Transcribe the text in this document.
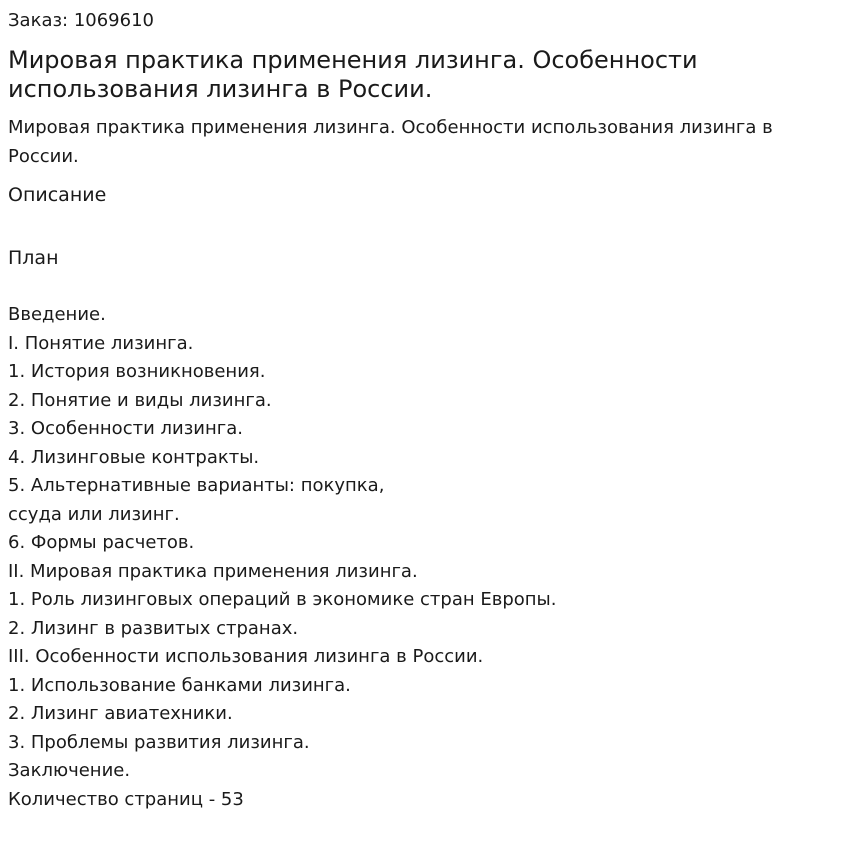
Заказ: 1069610
Мировая практика применения лизинга. Особенности использования лизинга в России.
Мировая практика применения лизинга. Особенности использования лизинга в России.
Описание
План
Введение.
I. Понятие лизинга.
1. История возникновения.
2. Понятие и виды лизинга.
3. Особенности лизинга.
4. Лизинговые контракты.
5. Альтернативные варианты: покупка,
ссуда или лизинг.
6. Формы расчетов.
II. Мировая практика применения лизинга.
1. Роль лизинговых операций в экономике стран Европы.
2. Лизинг в развитых странах.
III. Особенности использования лизинга в России.
1. Использование банками лизинга.
2. Лизинг авиатехники.
3. Проблемы развития лизинга.
Заключение.
Количество страниц - 53
